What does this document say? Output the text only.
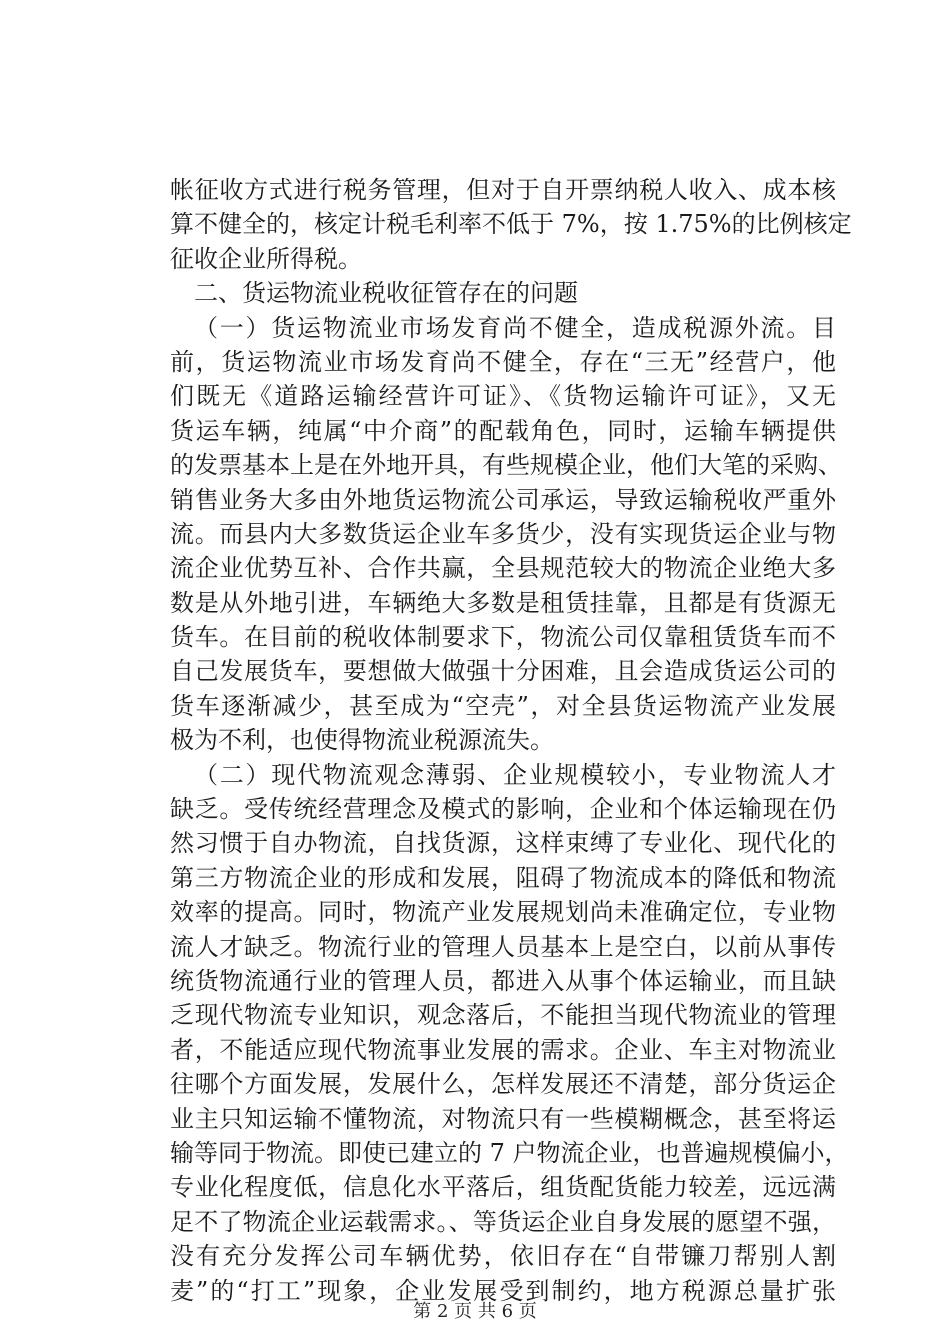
帐征收方式进行税务管理，但对于自开票纳税人收入、成本核
算不健全的，核定计税毛利率不低于 7%，按 1.75%的比例核定
征收企业所得税。
二、货运物流业税收征管存在的问题
（一）货运物流业市场发育尚不健全，造成税源外流。目
前，货运物流业市场发育尚不健全，存在“三无”经营户，他
们既无《道路运输经营许可证》、《货物运输许可证》，又无
货运车辆，纯属“中介商”的配载角色，同时，运输车辆提供
的发票基本上是在外地开具，有些规模企业，他们大笔的采购、
销售业务大多由外地货运物流公司承运，导致运输税收严重外
流。而县内大多数货运企业车多货少，没有实现货运企业与物
流企业优势互补、合作共赢，全县规范较大的物流企业绝大多
数是从外地引进，车辆绝大多数是租赁挂靠，且都是有货源无
货车。在目前的税收体制要求下，物流公司仅靠租赁货车而不
自己发展货车，要想做大做强十分困难，且会造成货运公司的
货车逐渐减少，甚至成为“空壳”，对全县货运物流产业发展
极为不利，也使得物流业税源流失。
（二）现代物流观念薄弱、企业规模较小，专业物流人才
缺乏。受传统经营理念及模式的影响，企业和个体运输现在仍
然习惯于自办物流，自找货源，这样束缚了专业化、现代化的
第三方物流企业的形成和发展，阻碍了物流成本的降低和物流
效率的提高。同时，物流产业发展规划尚未准确定位，专业物
流人才缺乏。物流行业的管理人员基本上是空白，以前从事传
统货物流通行业的管理人员，都进入从事个体运输业，而且缺
乏现代物流专业知识，观念落后，不能担当现代物流业的管理
者，不能适应现代物流事业发展的需求。企业、车主对物流业
往哪个方面发展，发展什么，怎样发展还不清楚，部分货运企
业主只知运输不懂物流，对物流只有一些模糊概念，甚至将运
输等同于物流。即使已建立的 7 户物流企业，也普遍规模偏小，
专业化程度低，信息化水平落后，组货配货能力较差，远远满
足不了物流企业运载需求。、等货运企业自身发展的愿望不强，
没有充分发挥公司车辆优势，依旧存在“自带镰刀帮别人割
麦”的“打工”现象，企业发展受到制约，地方税源总量扩张
第 2 页 共 6 页
